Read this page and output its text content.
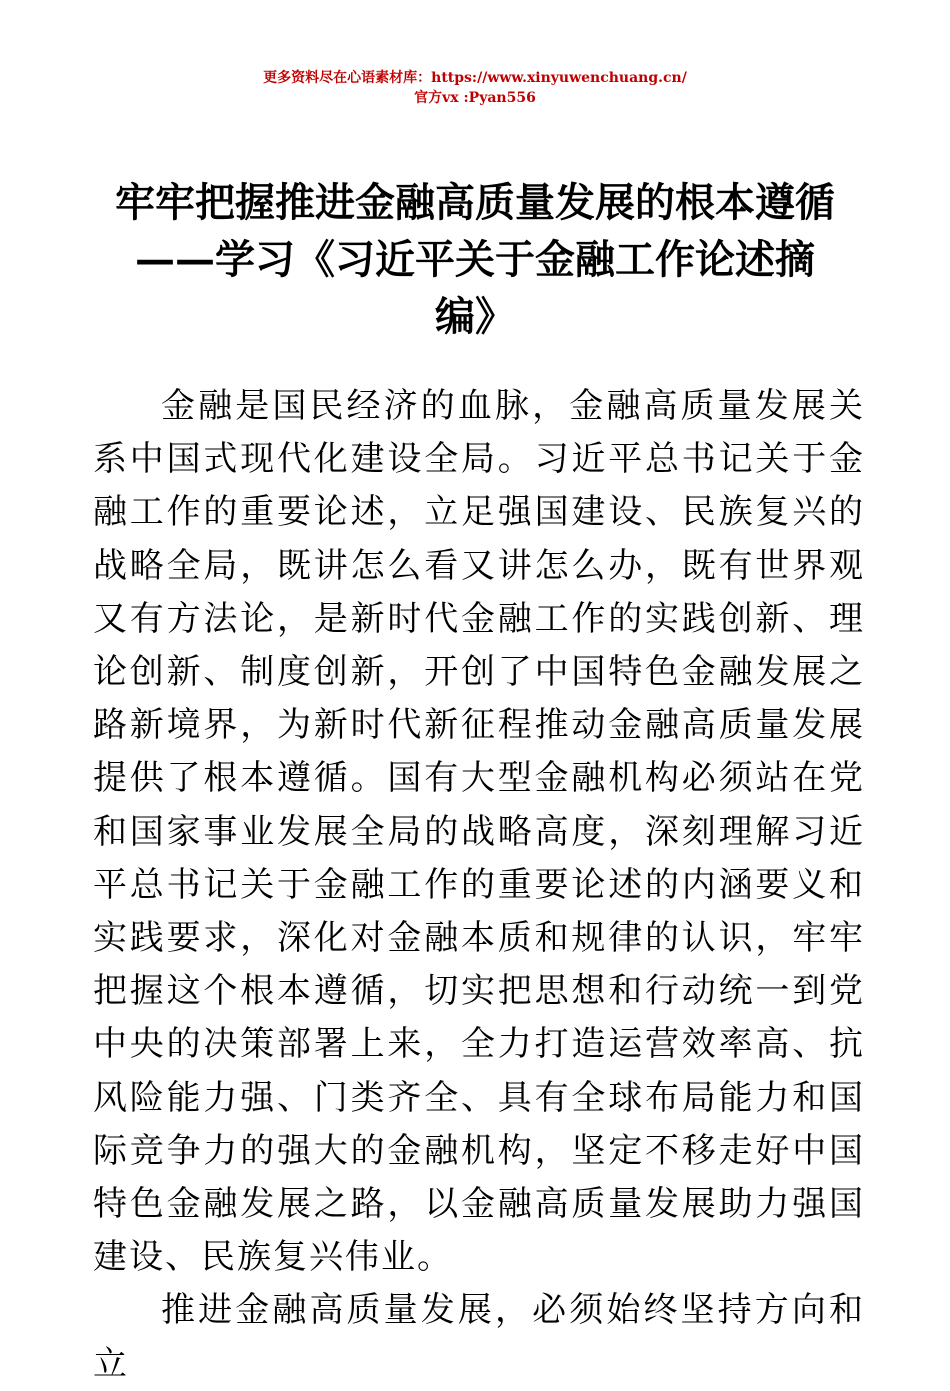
更多资料尽在心语素材库：https://www.xinyuwenchuang.cn/
官方vx :Pyan556
牢牢把握推进金融高质量发展的根本遵循
——学习《习近平关于金融工作论述摘
编》

金融是国民经济的血脉，金融高质量发展关系中国式现代化建设全局。习近平总书记关于金融工作的重要论述，立足强国建设、民族复兴的战略全局，既讲怎么看又讲怎么办，既有世界观又有方法论，是新时代金融工作的实践创新、理论创新、制度创新，开创了中国特色金融发展之路新境界，为新时代新征程推动金融高质量发展提供了根本遵循。国有大型金融机构必须站在党和国家事业发展全局的战略高度，深刻理解习近平总书记关于金融工作的重要论述的内涵要义和实践要求，深化对金融本质和规律的认识，牢牢把握这个根本遵循，切实把思想和行动统一到党中央的决策部署上来，全力打造运营效率高、抗风险能力强、门类齐全、具有全球布局能力和国际竞争力的强大的金融机构，坚定不移走好中国特色金融发展之路，以金融高质量发展助力强国建设、民族复兴伟业。

推进金融高质量发展，必须始终坚持方向和立
